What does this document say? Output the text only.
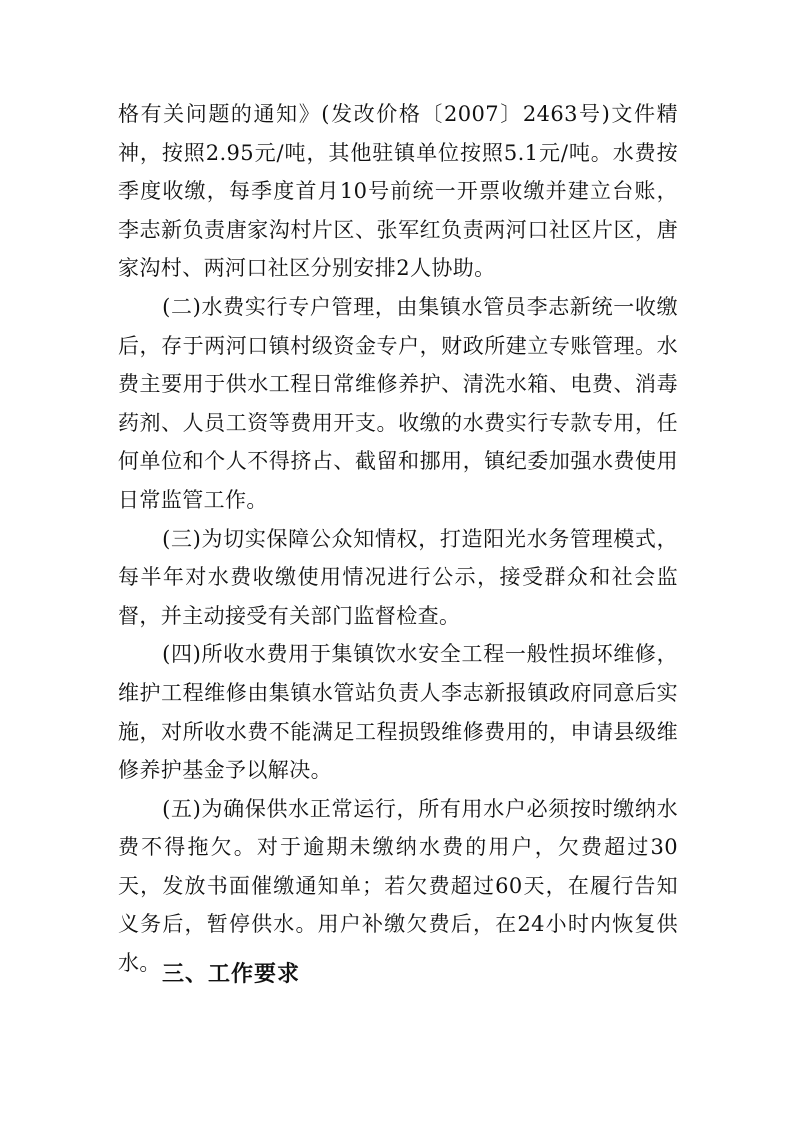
格有关问题的通知》(发改价格〔2007〕2463号)文件精神，按照2.95元/吨，其他驻镇单位按照5.1元/吨。水费按季度收缴，每季度首月10号前统一开票收缴并建立台账，李志新负责唐家沟村片区、张军红负责两河口社区片区，唐家沟村、两河口社区分别安排2人协助。

(二)水费实行专户管理，由集镇水管员李志新统一收缴后，存于两河口镇村级资金专户，财政所建立专账管理。水费主要用于供水工程日常维修养护、清洗水箱、电费、消毒药剂、人员工资等费用开支。收缴的水费实行专款专用，任何单位和个人不得挤占、截留和挪用，镇纪委加强水费使用日常监管工作。

(三)为切实保障公众知情权，打造阳光水务管理模式，每半年对水费收缴使用情况进行公示，接受群众和社会监督，并主动接受有关部门监督检查。

(四)所收水费用于集镇饮水安全工程一般性损坏维修，维护工程维修由集镇水管站负责人李志新报镇政府同意后实施，对所收水费不能满足工程损毁维修费用的，申请县级维修养护基金予以解决。

(五)为确保供水正常运行，所有用水户必须按时缴纳水费不得拖欠。对于逾期未缴纳水费的用户，欠费超过30天，发放书面催缴通知单；若欠费超过60天，在履行告知义务后，暂停供水。用户补缴欠费后，在24小时内恢复供水。 三、工作要求
